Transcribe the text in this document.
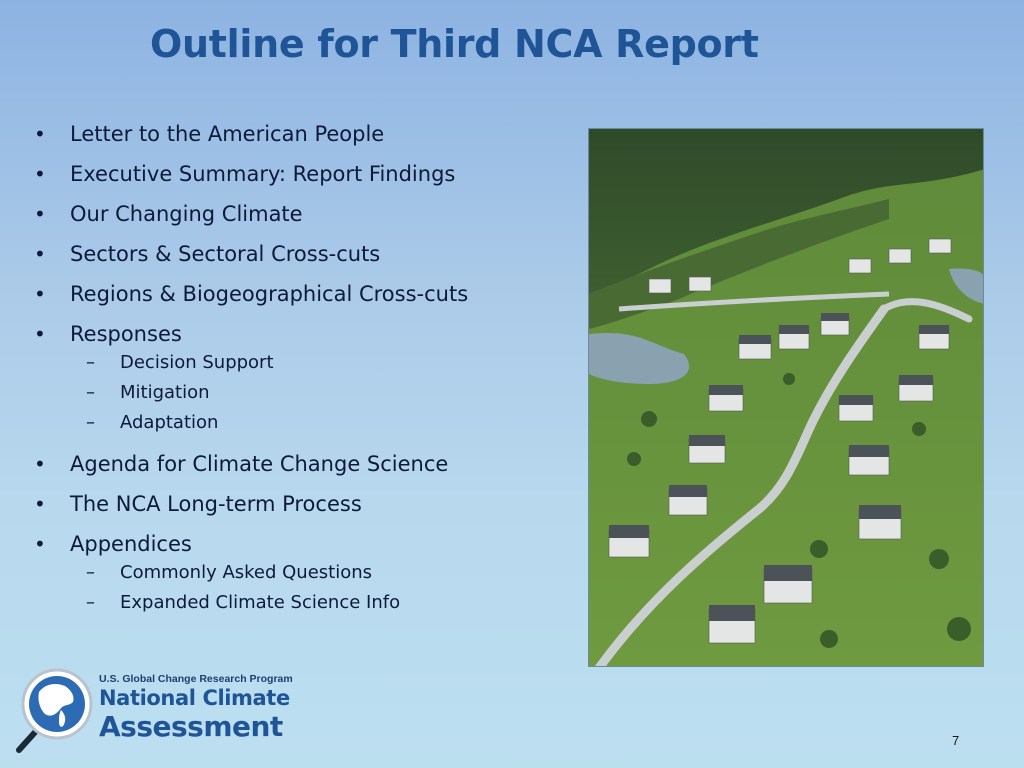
Outline for Third NCA Report
• Letter to the American People
• Executive Summary: Report Findings
• Our Changing Climate
• Sectors & Sectoral Cross-cuts
• Regions & Biogeographical Cross-cuts
• Responses
– Decision Support
– Mitigation
– Adaptation
• Agenda for Climate Change Science
• The NCA Long-term Process
• Appendices
– Commonly Asked Questions
– Expanded Climate Science Info
U.S. Global Change Research Program
National Climate
Assessment	7
